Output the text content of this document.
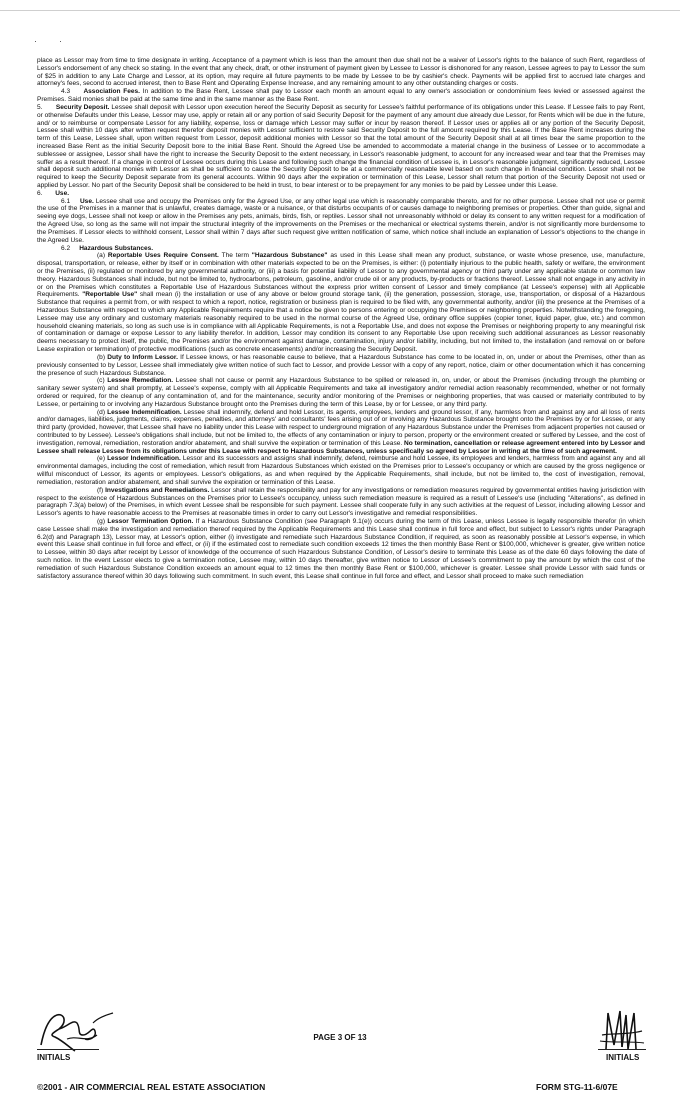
··

place as Lessor may from time to time designate in writing. Acceptance of a payment which is less than the amount then due shall not be a waiver of Lessor's rights to the balance of such Rent, regardless of Lessor's endorsement of any check so stating. In the event that any check, draft, or other instrument of payment given by Lessee to Lessor is dishonored for any reason, Lessee agrees to pay to Lessor the sum of $25 in addition to any Late Charge and Lessor, at its option, may require all future payments to be made by Lessee to be by cashier's check. Payments will be applied first to accrued late charges and attorney's fees, second to accrued interest, then to Base Rent and Operating Expense Increase, and any remaining amount to any other outstanding charges or costs.

4.3     Association Fees. In addition to the Base Rent, Lessee shall pay to Lessor each month an amount equal to any owner's association or condominium fees levied or assessed against the Premises. Said monies shall be paid at the same time and in the same manner as the Base Rent.

5.       Security Deposit. Lessee shall deposit with Lessor upon execution hereof the Security Deposit as security for Lessee's faithful performance of its obligations under this Lease. If Lessee fails to pay Rent, or otherwise Defaults under this Lease, Lessor may use, apply or retain all or any portion of said Security Deposit for the payment of any amount due already due Lessor, for Rents which will be due in the future, and/ or to reimburse or compensate Lessor for any liability, expense, loss or damage which Lessor may suffer or incur by reason thereof. If Lessor uses or applies all or any portion of the Security Deposit, Lessee shall within 10 days after written request therefor deposit monies with Lessor sufficient to restore said Security Deposit to the full amount required by this Lease. If the Base Rent increases during the term of this Lease, Lessee shall, upon written request from Lessor, deposit additional monies with Lessor so that the total amount of the Security Deposit shall at all times bear the same proportion to the increased Base Rent as the initial Security Deposit bore to the initial Base Rent. Should the Agreed Use be amended to accommodate a material change in the business of Lessee or to accommodate a sublessee or assignee, Lessor shall have the right to increase the Security Deposit to the extent necessary, in Lessor's reasonable judgment, to account for any increased wear and tear that the Premises may suffer as a result thereof. If a change in control of Lessee occurs during this Lease and following such change the financial condition of Lessee is, in Lessor's reasonable judgment, significantly reduced, Lessee shall deposit such additional monies with Lessor as shall be sufficient to cause the Security Deposit to be at a commercially reasonable level based on such change in financial condition. Lessor shall not be required to keep the Security Deposit separate from its general accounts. Within 90 days after the expiration or termination of this Lease, Lessor shall return that portion of the Security Deposit not used or applied by Lessor. No part of the Security Deposit shall be considered to be held in trust, to bear interest or to be prepayment for any monies to be paid by Lessee under this Lease.

6.       Use.

6.1     Use. Lessee shall use and occupy the Premises only for the Agreed Use, or any other legal use which is reasonably comparable thereto, and for no other purpose. Lessee shall not use or permit the use of the Premises in a manner that is unlawful, creates damage, waste or a nuisance, or that disturbs occupants of or causes damage to neighboring premises or properties. Other than guide, signal and seeing eye dogs, Lessee shall not keep or allow in the Premises any pets, animals, birds, fish, or reptiles. Lessor shall not unreasonably withhold or delay its consent to any written request for a modification of the Agreed Use, so long as the same will not impair the structural integrity of the improvements on the Premises or the mechanical or electrical systems therein, and/or is not significantly more burdensome to the Premises. If Lessor elects to withhold consent, Lessor shall within 7 days after such request give written notification of same, which notice shall include an explanation of Lessor's objections to the change in the Agreed Use.

6.2     Hazardous Substances.

(a) Reportable Uses Require Consent. The term "Hazardous Substance" as used in this Lease shall mean any product, substance, or waste whose presence, use, manufacture, disposal, transportation, or release, either by itself or in combination with other materials expected to be on the Premises, is either: (i) potentially injurious to the public health, safety or welfare, the environment or the Premises, (ii) regulated or monitored by any governmental authority, or (iii) a basis for potential liability of Lessor to any governmental agency or third party under any applicable statute or common law theory. Hazardous Substances shall include, but not be limited to, hydrocarbons, petroleum, gasoline, and/or crude oil or any products, by-products or fractions thereof. Lessee shall not engage in any activity in or on the Premises which constitutes a Reportable Use of Hazardous Substances without the express prior written consent of Lessor and timely compliance (at Lessee's expense) with all Applicable Requirements. "Reportable Use" shall mean (i) the installation or use of any above or below ground storage tank, (ii) the generation, possession, storage, use, transportation, or disposal of a Hazardous Substance that requires a permit from, or with respect to which a report, notice, registration or business plan is required to be filed with, any governmental authority, and/or (iii) the presence at the Premises of a Hazardous Substance with respect to which any Applicable Requirements require that a notice be given to persons entering or occupying the Premises or neighboring properties. Notwithstanding the foregoing, Lessee may use any ordinary and customary materials reasonably required to be used in the normal course of the Agreed Use, ordinary office supplies (copier toner, liquid paper, glue, etc.) and common household cleaning materials, so long as such use is in compliance with all Applicable Requirements, is not a Reportable Use, and does not expose the Premises or neighboring property to any meaningful risk of contamination or damage or expose Lessor to any liability therefor. In addition, Lessor may condition its consent to any Reportable Use upon receiving such additional assurances as Lessor reasonably deems necessary to protect itself, the public, the Premises and/or the environment against damage, contamination, injury and/or liability, including, but not limited to, the installation (and removal on or before Lease expiration or termination) of protective modifications (such as concrete encasements) and/or increasing the Security Deposit.

(b) Duty to Inform Lessor. If Lessee knows, or has reasonable cause to believe, that a Hazardous Substance has come to be located in, on, under or about the Premises, other than as previously consented to by Lessor, Lessee shall immediately give written notice of such fact to Lessor, and provide Lessor with a copy of any report, notice, claim or other documentation which it has concerning the presence of such Hazardous Substance.

(c) Lessee Remediation. Lessee shall not cause or permit any Hazardous Substance to be spilled or released in, on, under, or about the Premises (including through the plumbing or sanitary sewer system) and shall promptly, at Lessee's expense, comply with all Applicable Requirements and take all investigatory and/or remedial action reasonably recommended, whether or not formally ordered or required, for the cleanup of any contamination of, and for the maintenance, security and/or monitoring of the Premises or neighboring properties, that was caused or materially contributed to by Lessee, or pertaining to or involving any Hazardous Substance brought onto the Premises during the term of this Lease, by or for Lessee, or any third party.

(d) Lessee Indemnification. Lessee shall indemnify, defend and hold Lessor, its agents, employees, lenders and ground lessor, if any, harmless from and against any and all loss of rents and/or damages, liabilities, judgments, claims, expenses, penalties, and attorneys' and consultants' fees arising out of or involving any Hazardous Substance brought onto the Premises by or for Lessee, or any third party (provided, however, that Lessee shall have no liability under this Lease with respect to underground migration of any Hazardous Substance under the Premises from adjacent properties not caused or contributed to by Lessee). Lessee's obligations shall include, but not be limited to, the effects of any contamination or injury to person, property or the environment created or suffered by Lessee, and the cost of investigation, removal, remediation, restoration and/or abatement, and shall survive the expiration or termination of this Lease. No termination, cancellation or release agreement entered into by Lessor and Lessee shall release Lessee from its obligations under this Lease with respect to Hazardous Substances, unless specifically so agreed by Lessor in writing at the time of such agreement.

(e) Lessor Indemnification. Lessor and its successors and assigns shall indemnify, defend, reimburse and hold Lessee, its employees and lenders, harmless from and against any and all environmental damages, including the cost of remediation, which result from Hazardous Substances which existed on the Premises prior to Lessee's occupancy or which are caused by the gross negligence or willful misconduct of Lessor, its agents or employees. Lessor's obligations, as and when required by the Applicable Requirements, shall include, but not be limited to, the cost of investigation, removal, remediation, restoration and/or abatement, and shall survive the expiration or termination of this Lease.

(f) Investigations and Remediations. Lessor shall retain the responsibility and pay for any investigations or remediation measures required by governmental entities having jurisdiction with respect to the existence of Hazardous Substances on the Premises prior to Lessee's occupancy, unless such remediation measure is required as a result of Lessee's use (including "Alterations", as defined in paragraph 7.3(a) below) of the Premises, in which event Lessee shall be responsible for such payment. Lessee shall cooperate fully in any such activities at the request of Lessor, including allowing Lessor and Lessor's agents to have reasonable access to the Premises at reasonable times in order to carry out Lessor's investigative and remedial responsibilities.

(g) Lessor Termination Option. If a Hazardous Substance Condition (see Paragraph 9.1(e)) occurs during the term of this Lease, unless Lessee is legally responsible therefor (in which case Lessee shall make the investigation and remediation thereof required by the Applicable Requirements and this Lease shall continue in full force and effect, but subject to Lessor's rights under Paragraph 6.2(d) and Paragraph 13), Lessor may, at Lessor's option, either (i) investigate and remediate such Hazardous Substance Condition, if required, as soon as reasonably possible at Lessor's expense, in which event this Lease shall continue in full force and effect, or (ii) if the estimated cost to remediate such condition exceeds 12 times the then monthly Base Rent or $100,000, whichever is greater, give written notice to Lessee, within 30 days after receipt by Lessor of knowledge of the occurrence of such Hazardous Substance Condition, of Lessor's desire to terminate this Lease as of the date 60 days following the date of such notice. In the event Lessor elects to give a termination notice, Lessee may, within 10 days thereafter, give written notice to Lessor of Lessee's commitment to pay the amount by which the cost of the remediation of such Hazardous Substance Condition exceeds an amount equal to 12 times the then monthly Base Rent or $100,000, whichever is greater. Lessee shall provide Lessor with said funds or satisfactory assurance thereof within 30 days following such commitment. In such event, this Lease shall continue in full force and effect, and Lessor shall proceed to make such remediation

PAGE 3 OF 13
INITIALS	INITIALS
©2001 - AIR COMMERCIAL REAL ESTATE ASSOCIATION	FORM STG-11-6/07E
